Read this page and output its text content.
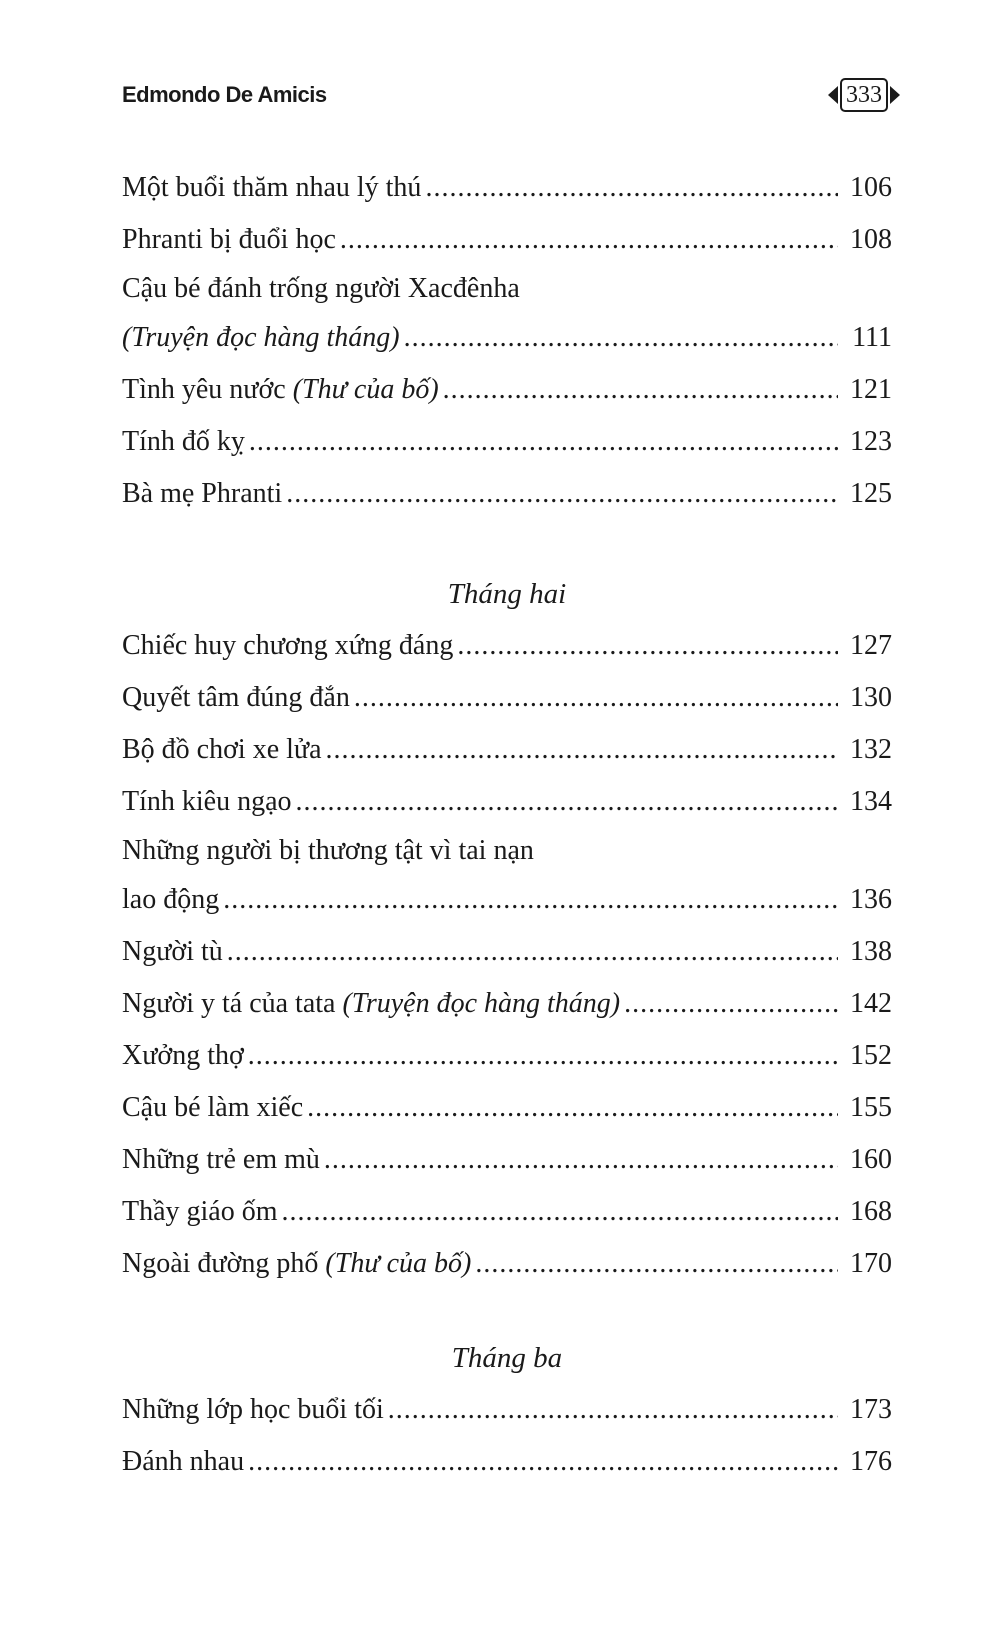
Edmondo De Amicis	333
Một buổi thăm nhau lý thú .....	106
Phranti bị đuổi học .....	108
Cậu bé đánh trống người Xacđênha
(Truyện đọc hàng tháng) .....	111
Tình yêu nước (Thư của bố) .....	121
Tính đố kỵ .....	123
Bà mẹ Phranti .....	125
Tháng hai
Chiếc huy chương xứng đáng .....	127
Quyết tâm đúng đắn .....	130
Bộ đồ chơi xe lửa .....	132
Tính kiêu ngạo .....	134
Những người bị thương tật vì tai nạn
lao động .....	136
Người tù .....	138
Người y tá của tata (Truyện đọc hàng tháng) .....	142
Xưởng thợ .....	152
Cậu bé làm xiếc .....	155
Những trẻ em mù .....	160
Thầy giáo ốm .....	168
Ngoài đường phố (Thư của bố) .....	170
Tháng ba
Những lớp học buổi tối .....	173
Đánh nhau .....	176
